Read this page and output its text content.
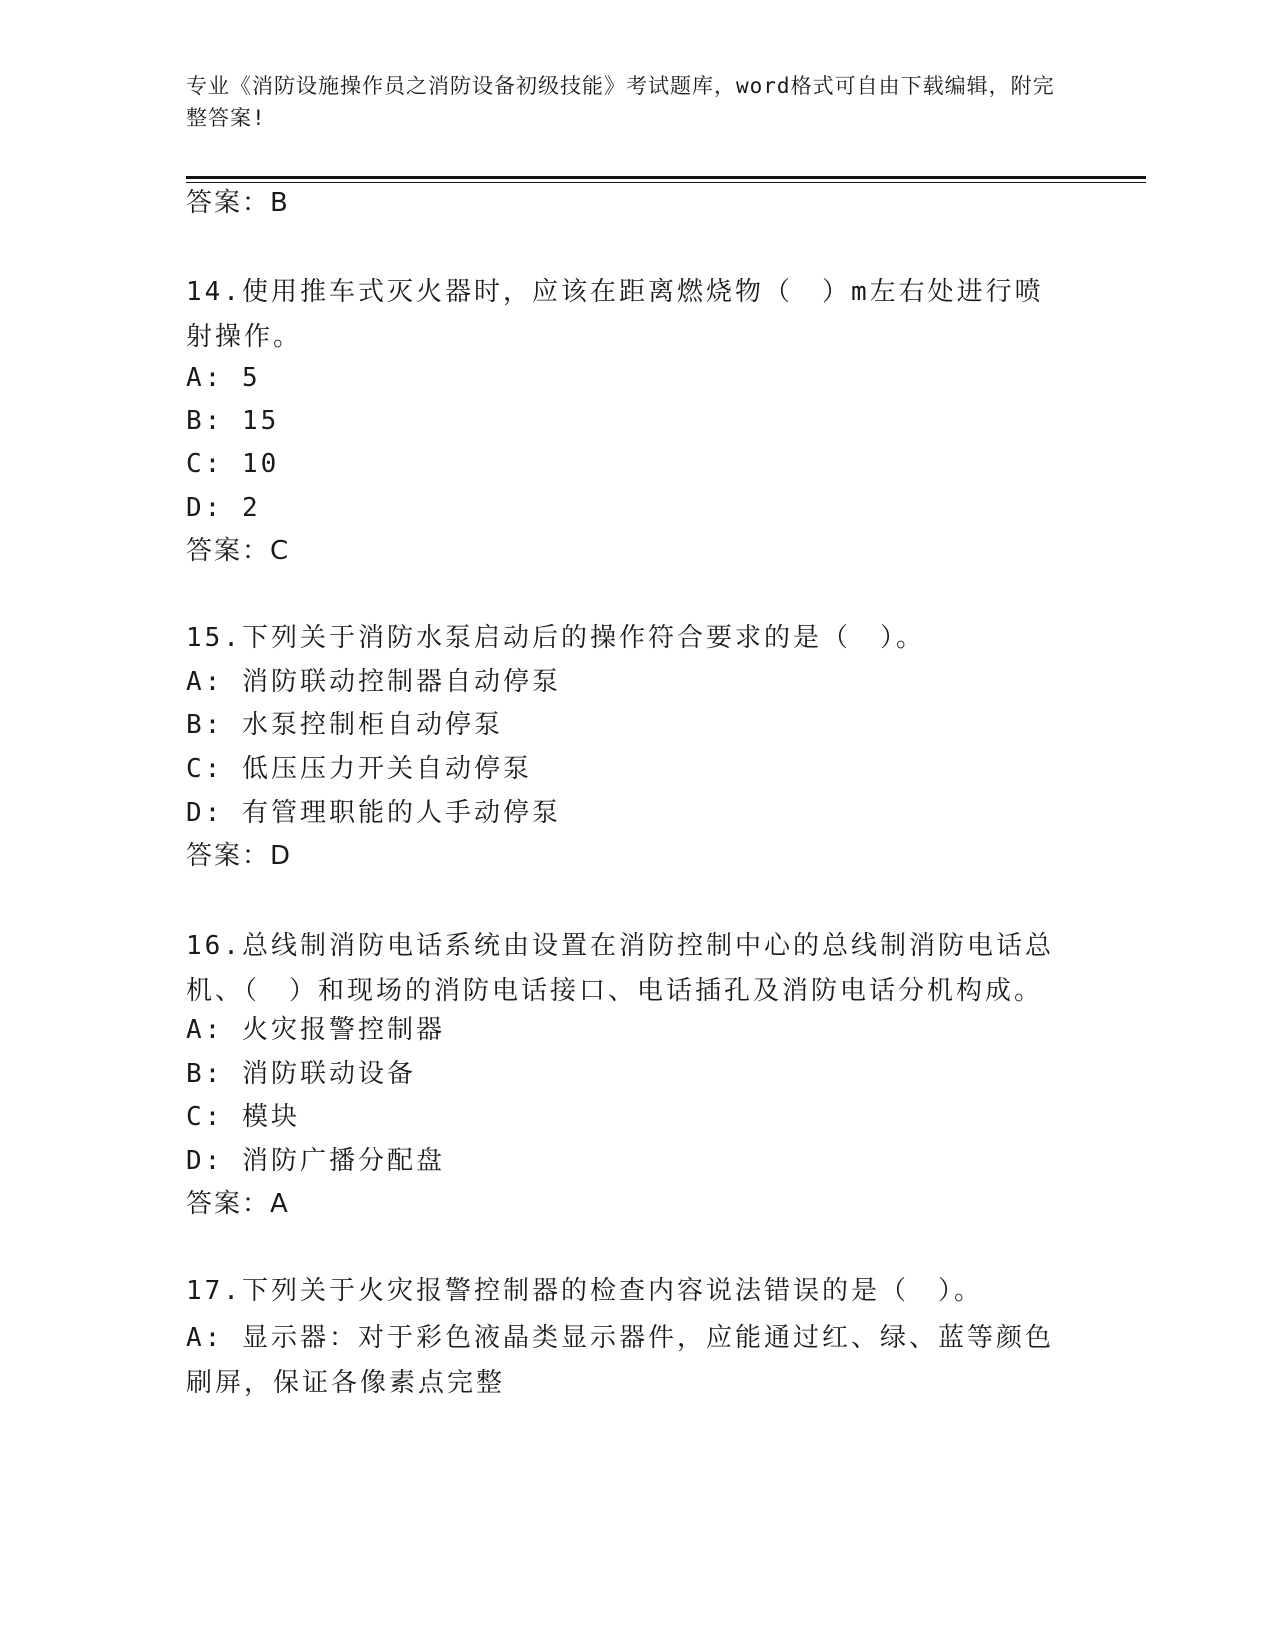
专业《消防设施操作员之消防设备初级技能》考试题库，word格式可自由下载编辑，附完整答案!
答案：B
14.使用推车式灭火器时，应该在距离燃烧物（　）m左右处进行喷射操作。
A: 5
B: 15
C: 10
D: 2
答案：C
15.下列关于消防水泵启动后的操作符合要求的是（　）。
A: 消防联动控制器自动停泵
B: 水泵控制柜自动停泵
C: 低压压力开关自动停泵
D: 有管理职能的人手动停泵
答案：D
16.总线制消防电话系统由设置在消防控制中心的总线制消防电话总机、（　）和现场的消防电话接口、电话插孔及消防电话分机构成。
A: 火灾报警控制器
B: 消防联动设备
C: 模块
D: 消防广播分配盘
答案：A
17.下列关于火灾报警控制器的检查内容说法错误的是（　）。
A: 显示器：对于彩色液晶类显示器件，应能通过红、绿、蓝等颜色刷屏，保证各像素点完整
